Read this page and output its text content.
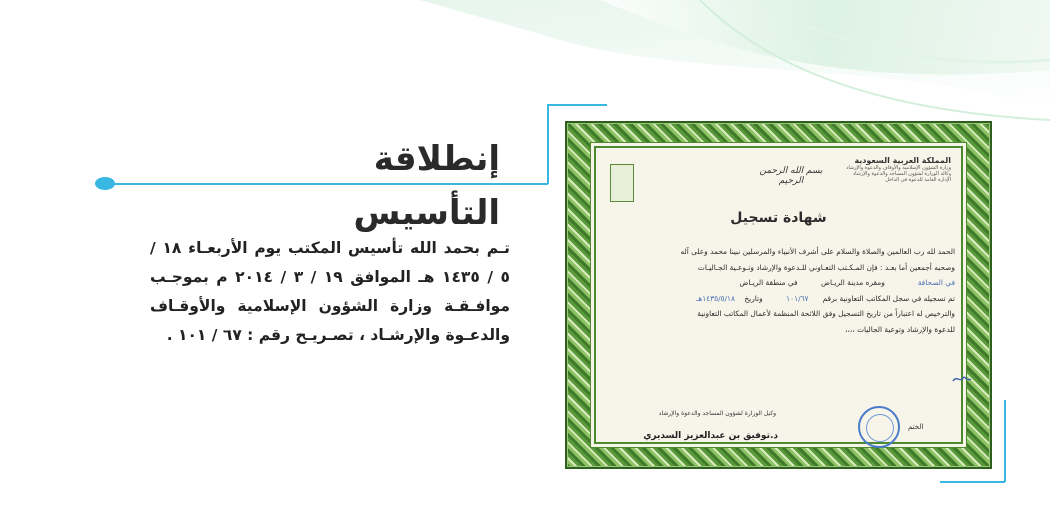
إنطلاقة التأسيس
تـم بحمد الله تأسيس المكتب يوم الأربعـاء ١٨ / ٥ / ١٤٣٥ هـ الموافق ١٩ / ٣ / ٢٠١٤ م بموجـب موافـقـة وزارة الشؤون الإسلامية والأوقـاف والدعـوة والإرشـاد ، تصـريـح رقم : ٦٧ / ١٠١ .
بسم الله الرحمن الرحيم
المملكة العربية السعودية
وزارة الشؤون الإسلامية والأوقاف والدعوة والإرشاد
وكالة الوزارة لشؤون المساجد والدعوة والإرشاد
الإدارة العامة للدعوة في الداخل
شهادة تسجيل
الحمد لله رب العالمين والصلاة والسلام على أشرف الأنبياء والمرسلين نبينا محمد وعلى آله
وصحبه أجمعين أما بعـد : فإن المـكـتب التعـاوني للـدعوة والإرشاد وتـوعـية الجـاليـات
في الصحافة              ومقره مدينة الريـاض          في منطقة الريـاض
تم تسجيله في سجل المكاتب التعاونية برقم      ١٠١/٦٧          وتاريخ    ١٤٣٥/٥/١٨هـ
والترخيص له اعتباراً من تاريخ التسجيل وفق اللائحة المنظمة لأعمال المكاتب التعاونية
للدعوة والإرشاد وتوعية الجاليات ،،،،
وكيل الوزارة لشؤون المساجد والدعوة والإرشاد
د.توفيق بن عبدالعزيز السديري
الختم
